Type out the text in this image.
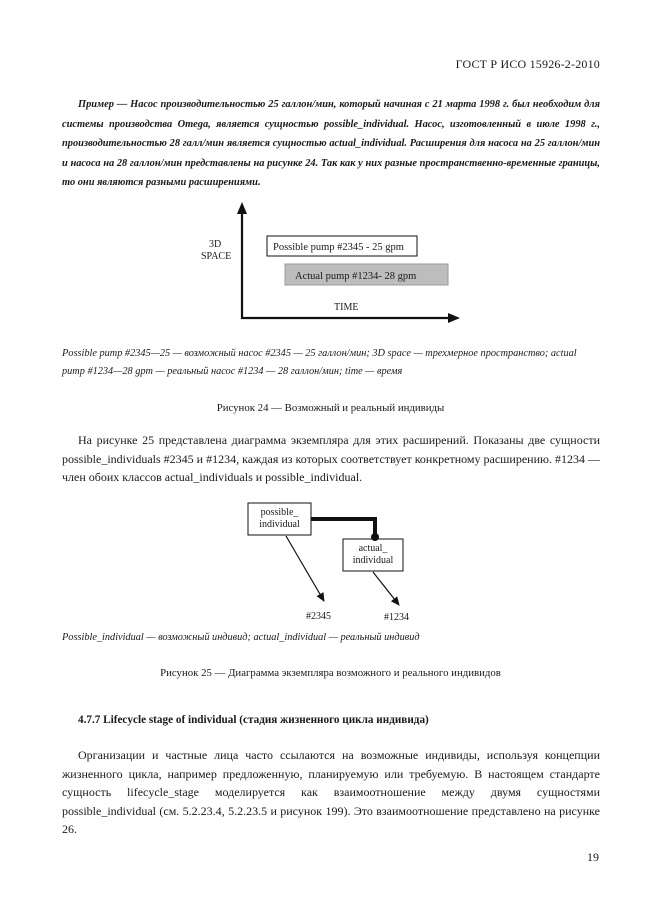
ГОСТ Р ИСО 15926-2-2010
Пример — Насос производительностью 25 галлон/мин, который начиная с 21 марта 1998 г. был необходим для системы производства Omega, является сущностью possible_individual. Насос, изготовленный в июле 1998 г., производительностью 28 галл/мин является сущностью actual_individual. Расширения для насоса на 25 галлон/мин и насоса на 28 галлон/мин представлены на рисунке 24. Так как у них разные пространственно-временные границы, то они являются разными расширениями.
3D
SPACE
TIME
Possible pump #2345 - 25 gpm
Actual pump #1234- 28 gpm
#2345	#1234
possible_
individual
actual_
individual
Possible pump #2345—25 — возможный насос #2345 — 25 галлон/мин; 3D space — трехмерное пространство; actual pump #1234—28 gpm — реальный насос #1234 — 28 галлон/мин; time — время
Рисунок 24 — Возможный и реальный индивиды
На рисунке 25 представлена диаграмма экземпляра для этих расширений. Показаны две сущности possible_individuals #2345 и #1234, каждая из которых соответствует конкретному расширению. #1234 — член обоих классов actual_individuals и possible_individual.
Possible_individual — возможный индивид; actual_individual — реальный индивид
Рисунок 25 — Диаграмма экземпляра возможного и реального индивидов
4.7.7 Lifecycle stage of individual (стадия жизненного цикла индивида)
Организации и частные лица часто ссылаются на возможные индивиды, используя концепции жизненного цикла, например предложенную, планируемую или требуемую. В настоящем стандарте сущность lifecycle_stage моделируется как взаимоотношение между двумя сущностями possible_individual (см. 5.2.23.4, 5.2.23.5 и рисунок 199). Это взаимоотношение представлено на рисунке 26.
19
